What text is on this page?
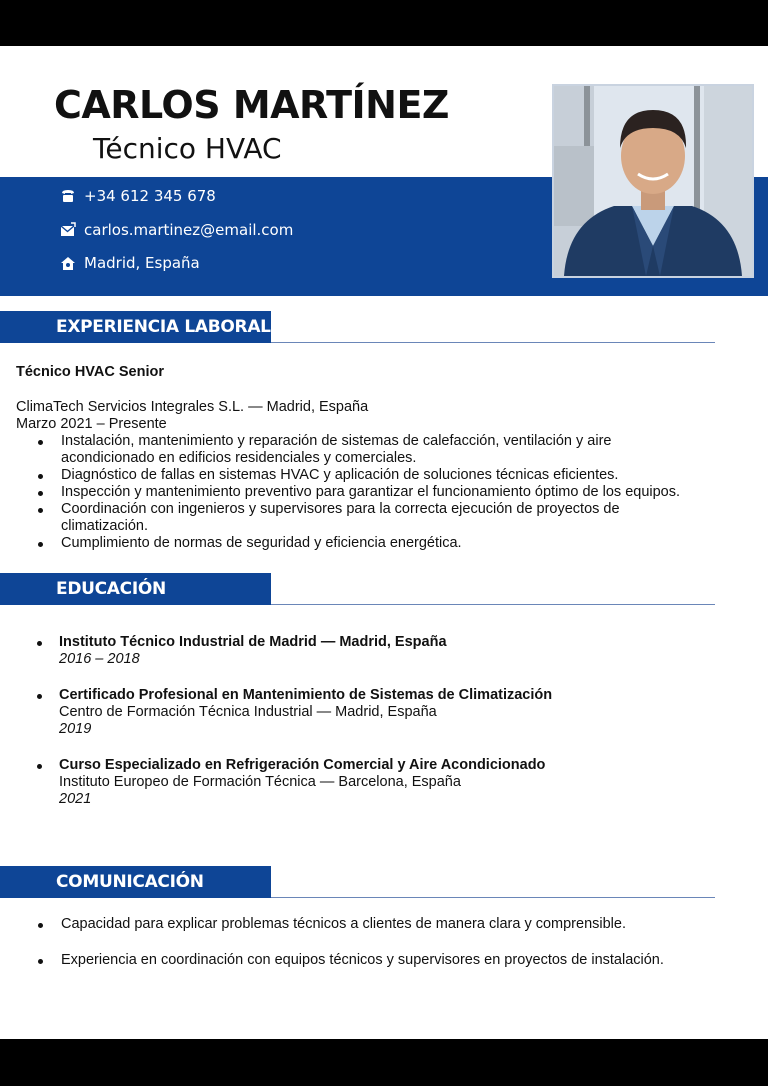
CARLOS MARTÍNEZ
Técnico HVAC
+34 612 345 678
carlos.martinez@email.com
Madrid, España
EXPERIENCIA LABORAL
Técnico HVAC Senior
ClimaTech Servicios Integrales S.L. — Madrid, España
Marzo 2021 – Presente
Instalación, mantenimiento y reparación de sistemas de calefacción, ventilación y aire acondicionado en edificios residenciales y comerciales.
Diagnóstico de fallas en sistemas HVAC y aplicación de soluciones técnicas eficientes.
Inspección y mantenimiento preventivo para garantizar el funcionamiento óptimo de los equipos.
Coordinación con ingenieros y supervisores para la correcta ejecución de proyectos de climatización.
Cumplimiento de normas de seguridad y eficiencia energética.
EDUCACIÓN
Instituto Técnico Industrial de Madrid — Madrid, España
2016 – 2018
Certificado Profesional en Mantenimiento de Sistemas de Climatización
Centro de Formación Técnica Industrial — Madrid, España
2019
Curso Especializado en Refrigeración Comercial y Aire Acondicionado
Instituto Europeo de Formación Técnica — Barcelona, España
2021
COMUNICACIÓN
Capacidad para explicar problemas técnicos a clientes de manera clara y comprensible.
Experiencia en coordinación con equipos técnicos y supervisores en proyectos de instalación.
